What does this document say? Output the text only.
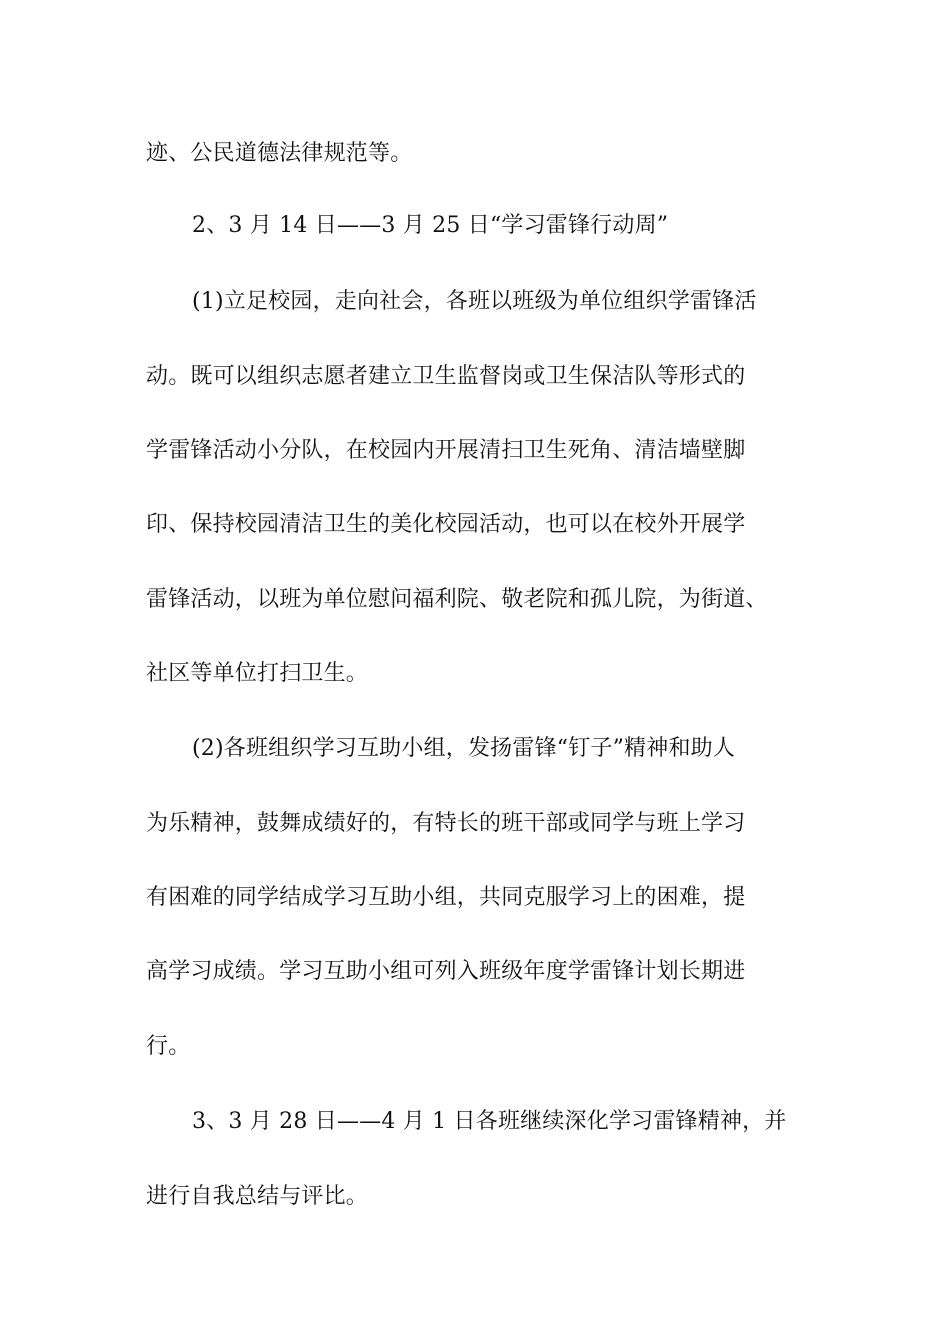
迹、公民道德法律规范等。
2、3 月 14 日——3 月 25 日“学习雷锋行动周”
(1)立足校园，走向社会，各班以班级为单位组织学雷锋活
动。既可以组织志愿者建立卫生监督岗或卫生保洁队等形式的
学雷锋活动小分队，在校园内开展清扫卫生死角、清洁墙壁脚
印、保持校园清洁卫生的美化校园活动，也可以在校外开展学
雷锋活动，以班为单位慰问福利院、敬老院和孤儿院，为街道、
社区等单位打扫卫生。
(2)各班组织学习互助小组，发扬雷锋“钉子”精神和助人
为乐精神，鼓舞成绩好的，有特长的班干部或同学与班上学习
有困难的同学结成学习互助小组，共同克服学习上的困难，提
高学习成绩。学习互助小组可列入班级年度学雷锋计划长期进
行。
3、3 月 28 日——4 月 1 日各班继续深化学习雷锋精神，并
进行自我总结与评比。
